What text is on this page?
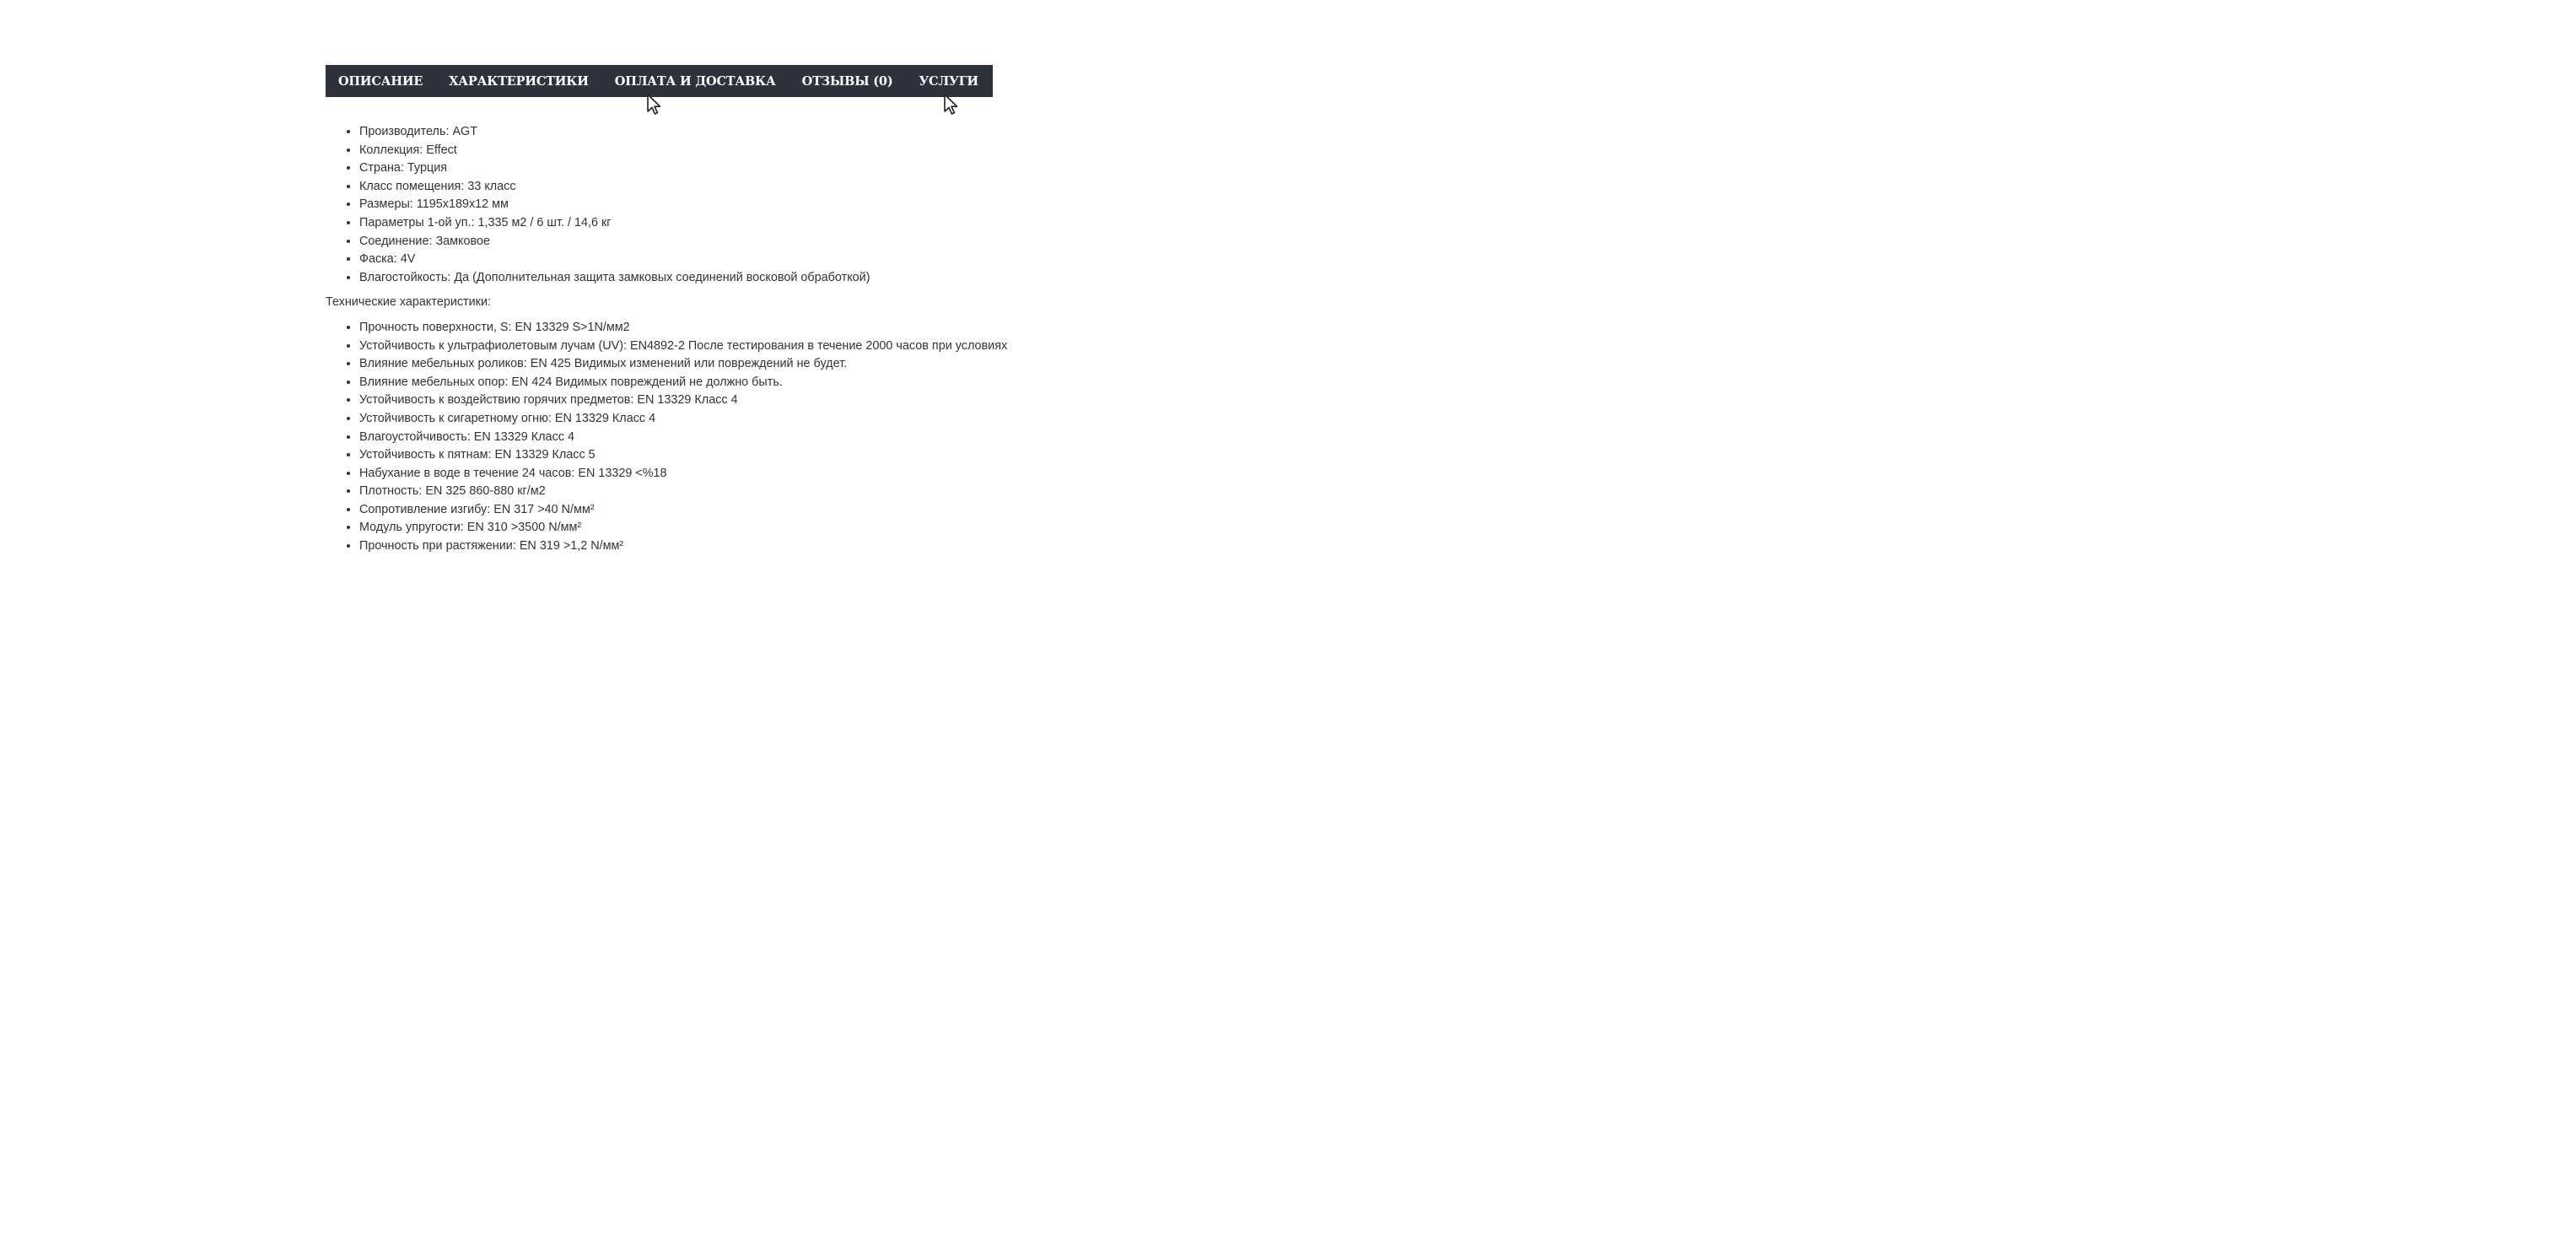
ОПИСАНИЕ ХАРАКТЕРИСТИКИ ОПЛАТА И ДОСТАВКА ОТЗЫВЫ (0) УСЛУГИ ГАРАНТИЯ
• Производитель: AGT
• Коллекция: Effect
• Страна: Турция
• Класс помещения: 33 класс
• Размеры: 1195x189x12 мм
• Параметры 1-ой уп.: 1,335 м2 / 6 шт. / 14,6 кг
• Соединение: Замковое
• Фаска: 4V
• Влагостойкость: Да (Дополнительная защита замковых соединений восковой обработкой)
Технические характеристики:
• Прочность поверхности, S: EN 13329 S>1N/мм2
• Устойчивость к ультрафиолетовым лучам (UV): EN4892-2 После тестирования в течение 2000 часов при условиях
• Влияние мебельных роликов: EN 425 Видимых изменений или повреждений не будет.
• Влияние мебельных опор: EN 424 Видимых повреждений не должно быть.
• Устойчивость к воздействию горячих предметов: EN 13329 Класс 4
• Устойчивость к сигаретному огню: EN 13329 Класс 4
• Влагоустойчивость: EN 13329 Класс 4
• Устойчивость к пятнам: EN 13329 Класс 5
• Набухание в воде в течение 24 часов: EN 13329 <%18
• Плотность: EN 325 860-880 кг/м2
• Сопротивление изгибу: EN 317 >40 N/мм²
• Модуль упругости: EN 310 >3500 N/мм²
• Прочность при растяжении: EN 319 >1,2 N/мм²
